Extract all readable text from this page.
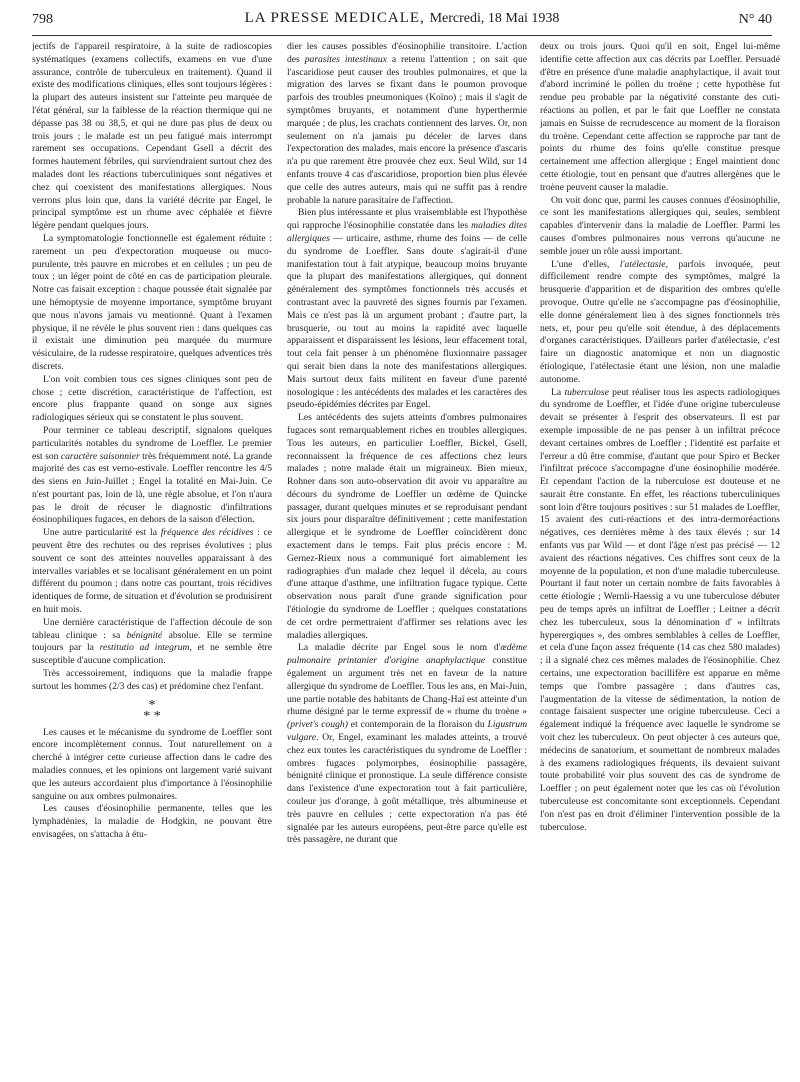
798	LA PRESSE MEDICALE, Mercredi, 18 Mai 1938	N° 40

jectifs de l'appareil respiratoire, à la suite de radioscopies systématiques (examens collectifs, examens en vue d'une assurance, contrôle de tuberculeux en traitement). Quand il existe des modifications cliniques, elles sont toujours légères : la plupart des auteurs insistent sur l'atteinte peu marquée de l'état général, sur la faiblesse de la réaction thermique qui ne dépasse pas 38 ou 38,5, et qui ne dure pas plus de deux ou trois jours ; le malade est un peu fatigué mais interrompt rarement ses occupations. Cependant Gsell a décrit des formes hautement fébriles, qui surviendraient surtout chez des malades dont les réactions tuberculiniques sont négatives et chez qui coexistent des manifestations allergiques. Nous verrons plus loin que, dans la variété décrite par Engel, le principal symptôme est un rhume avec céphalée et fièvre légère pendant quelques jours.

La symptomatologie fonctionnelle est également réduite : rarement un peu d'expectoration muqueuse ou muco-purulente, très pauvre en microbes et en cellules ; un peu de toux ; un léger point de côté en cas de participation pleurale. Notre cas faisait exception : chaque poussée était signalée par une hémoptysie de moyenne importance, symptôme bruyant que nous n'avons jamais vu mentionné. Quant à l'examen physique, il ne révèle le plus souvent rien : dans quelques cas il existait une diminution peu marquée du murmure vésiculaire, de la rudesse respiratoire, quelques adventices très discrets.

L'on voit combien tous ces signes cliniques sont peu de chose ; cette discrétion, caractéristique de l'affection, est encore plus frappante quand on songe aux signes radiologiques sérieux qui se constatent le plus souvent.

Pour terminer ce tableau descriptif, signalons quelques particularités notables du syndrome de Loeffler. Le premier est son caractère saisonnier très fréquemment noté. La grande majorité des cas est verno-estivale. Loeffler rencontre les 4/5 des siens en Juin-Juillet ; Engel la totalité en Mai-Juin. Ce n'est pourtant pas, loin de là, une règle absolue, et l'on n'aura pas le droit de récuser le diagnostic d'infiltrations éosinophiliques fugaces, en dehors de la saison d'élection.

Une autre particularité est la fréquence des récidives : ce peuvent être des rechutes ou des reprises évolutives ; plus souvent ce sont des atteintes nouvelles apparaissant à des intervalles variables et se localisant généralement en un point différent du poumon ; dans notre cas pourtant, trois récidives identiques de forme, de situation et d'évolution se produisirent en huit mois.

Une dernière caractéristique de l'affection découle de son tableau clinique : sa bénignité absolue. Elle se termine toujours par la restitutio ad integrum, et ne semble être susceptible d'aucune complication.

Très accessoirement, indiquons que la maladie frappe surtout les hommes (2/3 des cas) et prédomine chez l'enfant.

*
* *

Les causes et le mécanisme du syndrome de Loeffler sont encore incomplètement connus. Tout naturellement on a cherché à intégrer cette curieuse affection dans le cadre des maladies connues, et les opinions ont largement varié suivant que les auteurs accordaient plus d'importance à l'éosinophilie sanguine ou aux ombres pulmonaires.

Les causes d'éosinophilie permanente, telles que les lymphadénies, la maladie de Hodgkin, ne pouvant être envisagées, on s'attacha à étu-

dier les causes possibles d'éosinophilie transitoire. L'action des parasites intestinaux a retenu l'attention ; on sait que l'ascaridiose peut causer des troubles pulmonaires, et que la migration des larves se fixant dans le poumon provoque parfois des troubles pneumoniques (Koïno) ; mais il s'agit de symptômes bruyants, et notamment d'une hyperthermie marquée ; de plus, les crachats contiennent des larves. Or, non seulement on n'a jamais pu déceler de larves dans l'expectoration des malades, mais encore la présence d'ascaris n'a pu que rarement être prouvée chez eux. Seul Wild, sur 14 enfants trouve 4 cas d'ascaridiose, proportion bien plus élevée que celle des autres auteurs, mais qui ne suffit pas à rendre probable la nature parasitaire de l'affection.

Bien plus intéressante et plus vraisemblable est l'hypothèse qui rapproche l'éosinophilie constatée dans les maladies dites allergiques — urticaire, asthme, rhume des foins — de celle du syndrome de Loeffler. Sans doute s'agirait-il d'une manifestation tout à fait atypique, beaucoup moins bruyante que la plupart des manifestations allergiques, qui donnent généralement des symptômes fonctionnels très accusés et contrastant avec la pauvreté des signes fournis par l'examen. Mais ce n'est pas là un argument probant ; d'autre part, la brusquerie, ou tout au moins la rapidité avec laquelle apparaissent et disparaissent les lésions, leur effacement total, tout cela fait penser à un phénomène fluxionnaire passager qui serait bien dans la note des manifestations allergiques. Mais surtout deux faits militent en faveur d'une parenté nosologique : les antécédents des malades et les caractères des pseudo-épidémies décrites par Engel.

Les antécédents des sujets atteints d'ombres pulmonaires fugaces sont remarquablement riches en troubles allergiques. Tous les auteurs, en particulier Loeffler, Bickel, Gsell, reconnaissent la fréquence de ces affections chez leurs malades ; notre malade était un migraineux. Bien mieux, Rohner dans son auto-observation dit avoir vu apparaître au décours du syndrome de Loeffler un œdème de Quincke passager, durant quelques minutes et se reproduisant pendant six jours pour disparaître définitivement ; cette manifestation allergique et le syndrome de Loeffler coïncidèrent donc exactement dans le temps. Fait plus précis encore : M. Gernez-Rieux nous a communiqué fort aimablement les radiographies d'un malade chez lequel il décela, au cours d'une attaque d'asthme, une infiltration fugace typique. Cette observation nous paraît d'une grande signification pour l'étiologie du syndrome de Loeffler ; quelques constatations de cet ordre permettraient d'affirmer ses relations avec les maladies allergiques.

La maladie décrite par Engel sous le nom d'œdème pulmonaire printanier d'origine anaphylactique constitue également un argument très net en faveur de la nature allergique du syndrome de Loeffler. Tous les ans, en Mai-Juin, une partie notable des habitants de Chang-Haï est atteinte d'un rhume désigné par le terme expressif de « rhume du troène » (privet's cough) et contemporain de la floraison du Ligustrum vulgare. Or, Engel, examinant les malades atteints, a trouvé chez eux toutes les caractéristiques du syndrome de Loeffler : ombres fugaces polymorphes, éosinophilie passagère, bénignité clinique et pronostique. La seule différence consiste dans l'existence d'une expectoration tout à fait particulière, couleur jus d'orange, à goût métallique, très albumineuse et très pauvre en cellules ; cette expectoration n'a pas été signalée par les auteurs européens, peut-être parce qu'elle est très passagère, ne durant que

deux ou trois jours. Quoi qu'il en soit, Engel lui-même identifie cette affection aux cas décrits par Loeffler. Persuadé d'être en présence d'une maladie anaphylactique, il avait tout d'abord incriminé le pollen du troène ; cette hypothèse fut rendue peu probable par la négativité constante des cuti-réactions au pollen, et par le fait que Loeffler ne constata jamais en Suisse de recrudescence au moment de la floraison du troène. Cependant cette affection se rapproche par tant de points du rhume des foins qu'elle constitue presque certainement une affection allergique ; Engel maintient donc cette étiologie, tout en pensant que d'autres allergènes que le troène peuvent causer la maladie.

On voit donc que, parmi les causes connues d'éosinophilie, ce sont les manifestations allergiques qui, seules, semblent capables d'intervenir dans la maladie de Loeffler. Parmi les causes d'ombres pulmonaires nous verrons qu'aucune ne semble jouer un rôle aussi important.

L'une d'elles, l'atélectasie, parfois invoquée, peut difficilement rendre compte des symptômes, malgré la brusquerie d'apparition et de disparition des ombres qu'elle provoque. Outre qu'elle ne s'accompagne pas d'éosinophilie, elle donne généralement lieu à des signes fonctionnels très nets, et, pour peu qu'elle soit étendue, à des déplacements d'organes caractéristiques. D'ailleurs parler d'atélectasie, c'est faire un diagnostic anatomique et non un diagnostic étiologique, l'atélectasie étant une lésion, non une maladie autonome.

La tuberculose peut réaliser tous les aspects radiologiques du syndrome de Loeffler, et l'idée d'une origine tuberculeuse devait se présenter à l'esprit des observateurs. Il est par exemple impossible de ne pas penser à un infiltrat précoce devant certaines ombres de Loeffler ; l'identité est parfaite et l'erreur a dû être commise, d'autant que pour Spiro et Becker l'infiltrat précoce s'accompagne d'une éosinophilie modérée. Et cependant l'action de la tuberculose est douteuse et ne saurait être constante. En effet, les réactions tuberculiniques sont loin d'être toujours positives : sur 51 malades de Loeffler, 15 avaient des cuti-réactions et des intra-dermoréactions négatives, ces dernières même à des taux élevés ; sur 14 enfants vus par Wild — et dont l'âge n'est pas précisé — 12 avaient des réactions négatives. Ces chiffres sont ceux de la moyenne de la population, et non d'une maladie tuberculeuse. Pourtant il faut noter un certain nombre de faits favorables à cette étiologie ; Wernli-Haessig a vu une tuberculose débuter peu de temps après un infiltrat de Loeffler ; Leitner a décrit chez les tuberculeux, sous la dénomination d' « infiltrats hyperergiques », des ombres semblables à celles de Loeffler, et cela d'une façon assez fréquente (14 cas chez 580 malades) ; il a signalé chez ces mêmes malades de l'éosinophilie. Chez certains, une expectoration bacillifère est apparue en même temps que l'ombre passagère ; dans d'autres cas, l'augmentation de la vitesse de sédimentation, la notion de contage faisaient suspecter une origine tuberculeuse. Ceci a également indiqué la fréquence avec laquelle le syndrome se voit chez les tuberculeux. On peut objecter à ces auteurs que, médecins de sanatorium, et soumettant de nombreux malades à des examens radiologiques fréquents, ils devaient suivant toute probabilité voir plus souvent des cas de syndrome de Loeffler ; on peut également noter que les cas où l'évolution tuberculeuse est concomitante sont exceptionnels. Cependant l'on n'est pas en droit d'éliminer l'intervention possible de la tuberculose.
